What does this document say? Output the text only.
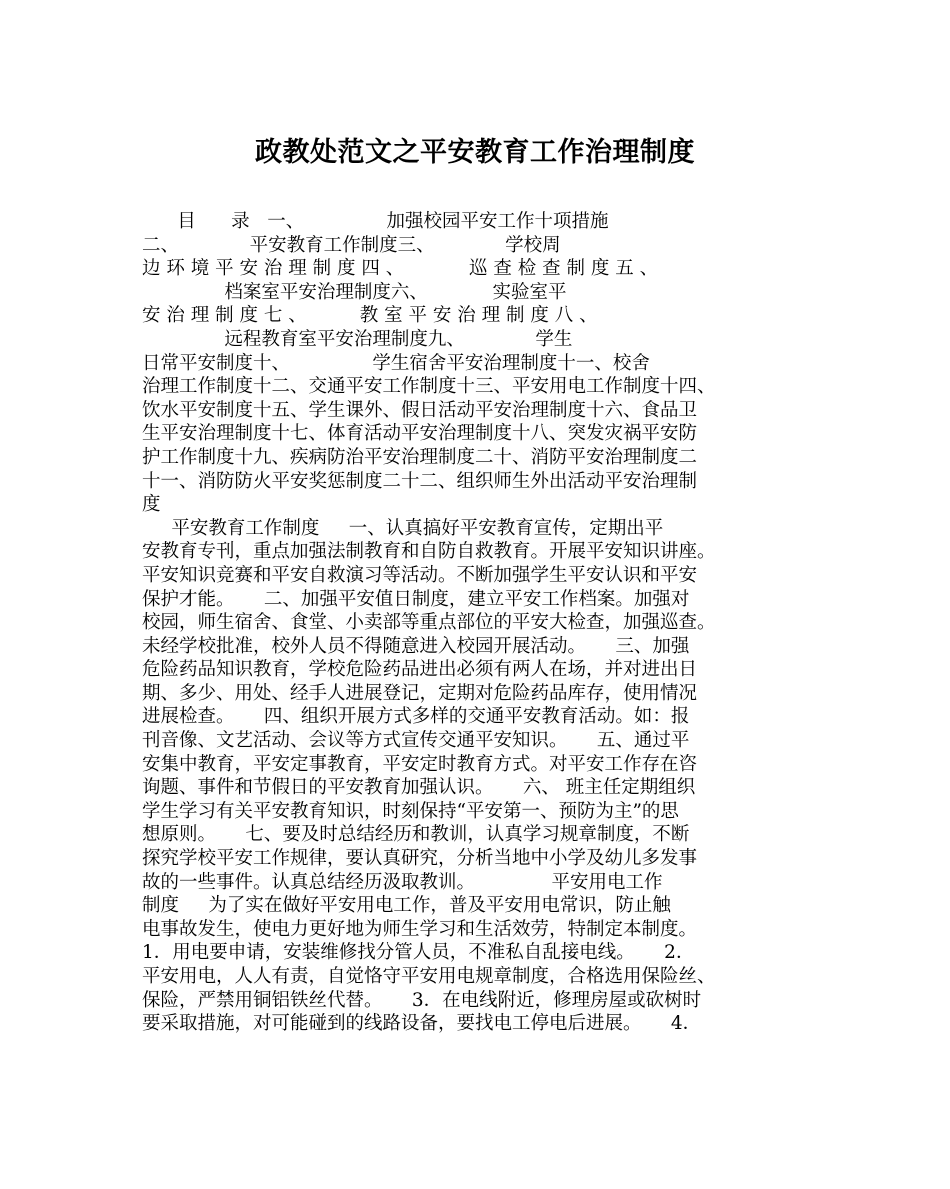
政教处范文之平安教育工作治理制度
目      录   一、              加强校园平安工作十项措施
二、            平安教育工作制度三、            学校周
边 环 境 平 安 治 理 制 度 四 、           巡 查 检 查 制 度 五 、
档案室平安治理制度六、           实验室平
安 治 理 制 度 七 、         教 室 平 安 治 理 制 度 八 、
远程教育室平安治理制度九、            学生
日常平安制度十、              学生宿舍平安治理制度十一、校舍
治理工作制度十二、交通平安工作制度十三、平安用电工作制度十四、
饮水平安制度十五、学生课外、假日活动平安治理制度十六、食品卫
生平安治理制度十七、体育活动平安治理制度十八、突发灾祸平安防
护工作制度十九、疾病防治平安治理制度二十、消防平安治理制度二
十一、消防防火平安奖惩制度二十二、组织师生外出活动平安治理制
度
平安教育工作制度     一、认真搞好平安教育宣传，定期出平
安教育专刊，重点加强法制教育和自防自救教育。开展平安知识讲座。
平安知识竞赛和平安自救演习等活动。不断加强学生平安认识和平安
保护才能。     二、加强平安值日制度，建立平安工作档案。加强对
校园，师生宿舍、食堂、小卖部等重点部位的平安大检查，加强巡查。
未经学校批准，校外人员不得随意进入校园开展活动。     三、加强
危险药品知识教育，学校危险药品进出必须有两人在场，并对进出日
期、多少、用处、经手人进展登记，定期对危险药品库存，使用情况
进展检查。     四、组织开展方式多样的交通平安教育活动。如：报
刊音像、文艺活动、会议等方式宣传交通平安知识。     五、通过平
安集中教育，平安定事教育，平安定时教育方式。对平安工作存在咨
询题、事件和节假日的平安教育加强认识。     六、 班主任定期组织
学生学习有关平安教育知识，时刻保持“平安第一、预防为主”的思
想原则。     七、要及时总结经历和教训，认真学习规章制度，不断
探究学校平安工作规律，要认真研究，分析当地中小学及幼儿多发事
故的一些事件。认真总结经历汲取教训。             平安用电工作
制度     为了实在做好平安用电工作，普及平安用电常识，防止触
电事故发生，使电力更好地为师生学习和生活效劳，特制定本制度。
1．用电要申请，安装维修找分管人员，不准私自乱接电线。     2．
平安用电，人人有责，自觉恪守平安用电规章制度，合格选用保险丝、
保险，严禁用铜铝铁丝代替。     3．在电线附近，修理房屋或砍树时
要采取措施，对可能碰到的线路设备，要找电工停电后进展。     4．
